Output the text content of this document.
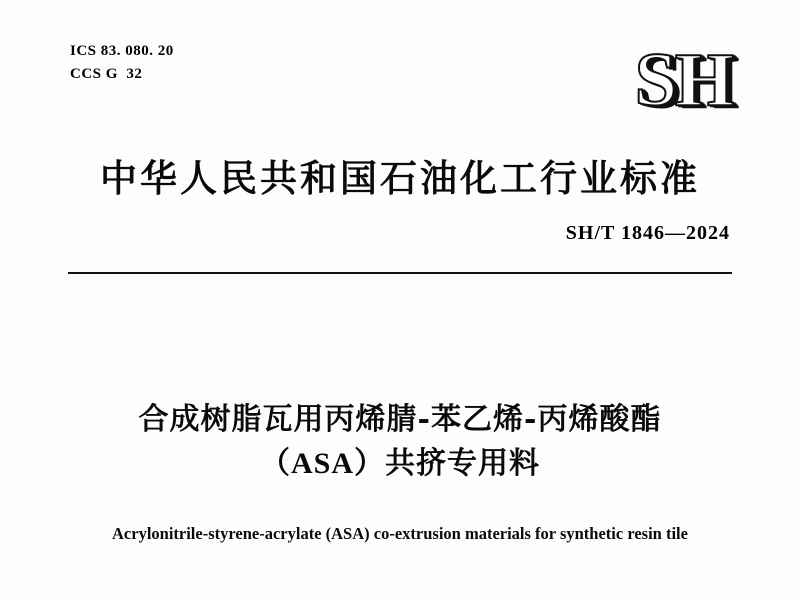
ICS 83. 080. 20
CCS G  32	SH
中华人民共和国石油化工行业标准
SH/T 1846—2024
合成树脂瓦用丙烯腈-苯乙烯-丙烯酸酯
（ASA）共挤专用料
Acrylonitrile-styrene-acrylate (ASA) co-extrusion materials for synthetic resin tile
